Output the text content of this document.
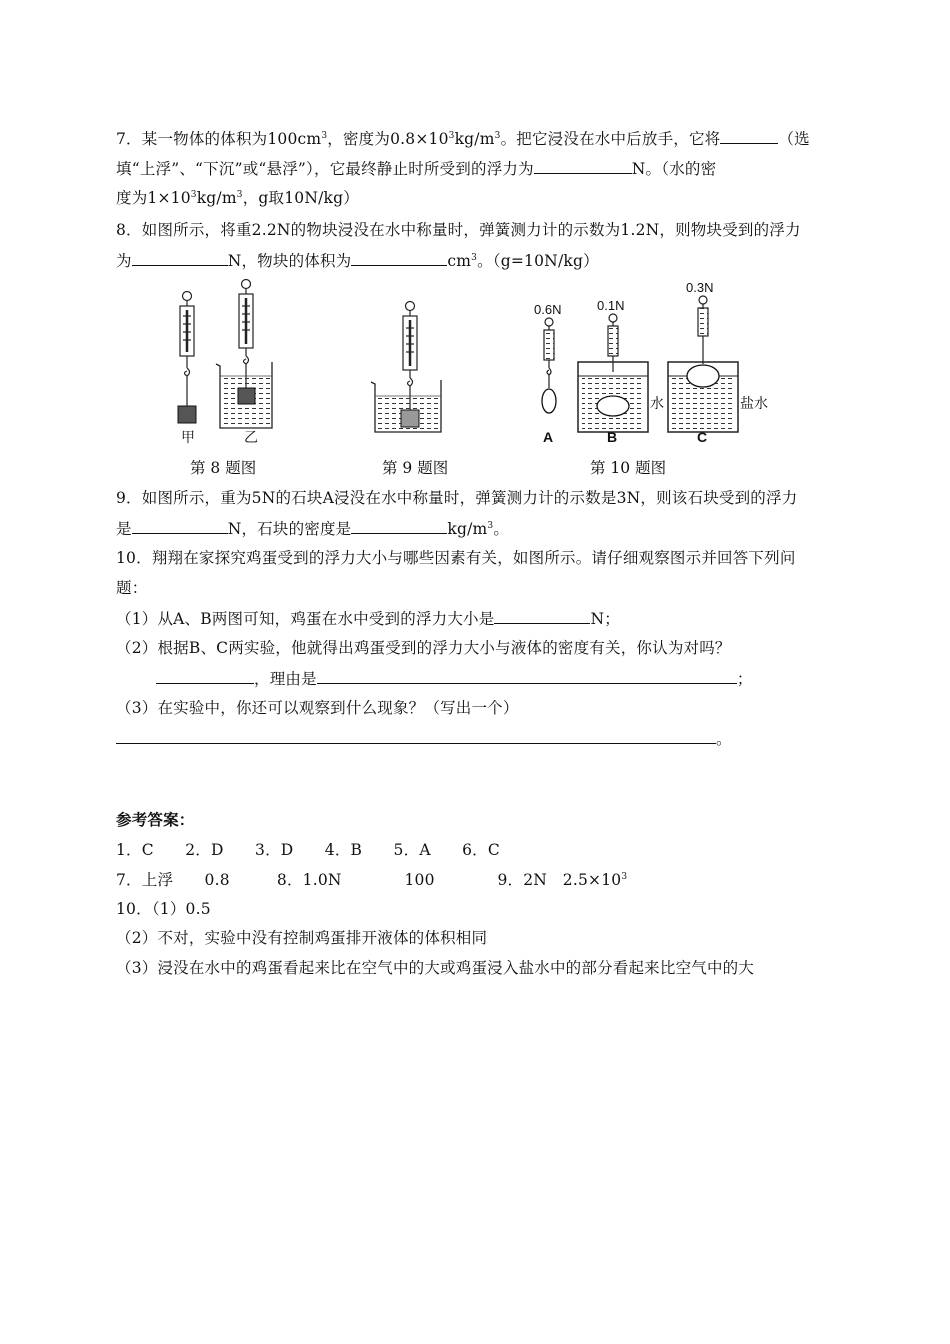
7．某一物体的体积为$100cm^3$，密度为$0.8\times 10^3kg/m^3$。把它浸没在水中后放手，它将	（选
填“上浮”、“下沉”或“悬浮”），它最终静止时所受到的浮力为	N。（水的密
度为$1\times 10^3kg/m^3$，g取10N/kg）
8．如图所示，将重2.2N的物块浸没在水中称量时，弹簧测力计的示数为1.2N，则物块受到的浮力
为	N，物块的体积为	$cm^3$。（g=10N/kg）
甲	乙
0.6N
A
0.1N
水
B
0.3N
盐水
C
第 8 题图	第 9 题图	第 10 题图
9．如图所示，重为5N的石块A浸没在水中称量时，弹簧测力计的示数是3N，则该石块受到的浮力
是	N，石块的密度是	$kg/m^3$。
10．翔翔在家探究鸡蛋受到的浮力大小与哪些因素有关，如图所示。请仔细观察图示并回答下列问
题：
（1）从A、B两图可知，鸡蛋在水中受到的浮力大小是	N；
（2）根据B、C两实验，他就得出鸡蛋受到的浮力大小与液体的密度有关，你认为对吗？
，理由是	；
（3）在实验中，你还可以观察到什么现象？（写出一个）
。
参考答案：
1．C　　2．D　　3．D　　4．B　　5．A　　6．C
7．上浮　　0.8　　　8．1.0N　　　　100　　　　9．2N　$2.5\times 10^3$
10．（1）0.5
（2）不对，实验中没有控制鸡蛋排开液体的体积相同
（3）浸没在水中的鸡蛋看起来比在空气中的大或鸡蛋浸入盐水中的部分看起来比空气中的大
